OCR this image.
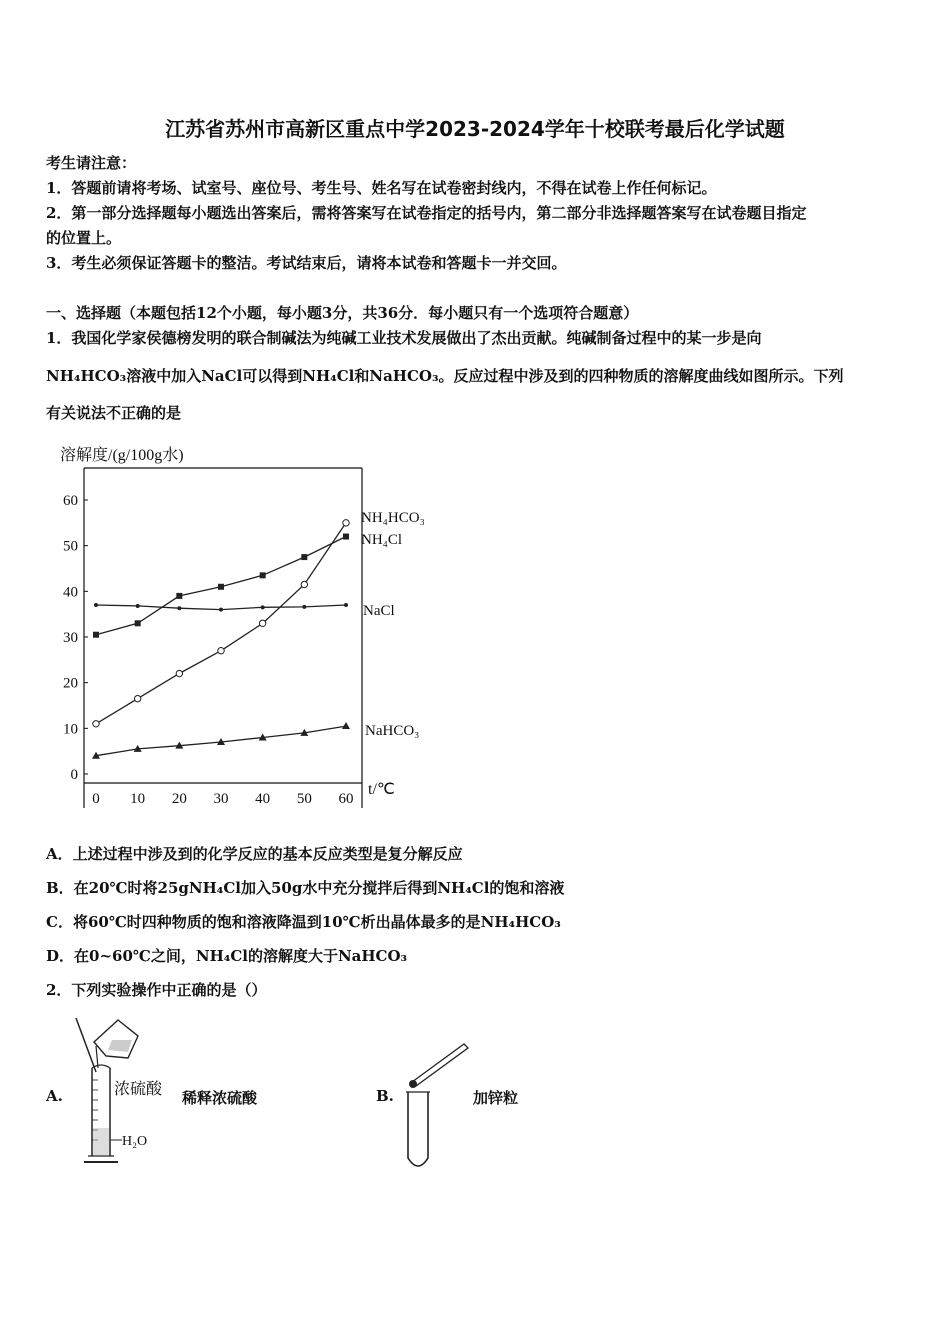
江苏省苏州市高新区重点中学2023-2024学年十校联考最后化学试题
考生请注意：
1．答题前请将考场、试室号、座位号、考生号、姓名写在试卷密封线内，不得在试卷上作任何标记。
2．第一部分选择题每小题选出答案后，需将答案写在试卷指定的括号内，第二部分非选择题答案写在试卷题目指定
的位置上。
3．考生必须保证答题卡的整洁。考试结束后，请将本试卷和答题卡一并交回。
一、选择题（本题包括12个小题，每小题3分，共36分．每小题只有一个选项符合题意）
1．我国化学家侯德榜发明的联合制碱法为纯碱工业技术发展做出了杰出贡献。纯碱制备过程中的某一步是向
NH₄HCO₃溶液中加入NaCl可以得到NH₄Cl和NaHCO₃。反应过程中涉及到的四种物质的溶解度曲线如图所示。下列
有关说法不正确的是
溶解度/(g/100g水)
0
10
20
30
40
50
60
0 10 20 30 40 50 60
t/℃
NH₄HCO₃
NH₄Cl
NaCl
NaHCO₃
A．上述过程中涉及到的化学反应的基本反应类型是复分解反应
B．在20℃时将25gNH₄Cl加入50g水中充分搅拌后得到NH₄Cl的饱和溶液
C．将60℃时四种物质的饱和溶液降温到10℃析出晶体最多的是NH₄HCO₃
D．在0~60℃之间，NH₄Cl的溶解度大于NaHCO₃
2．下列实验操作中正确的是（）
A.
H₂O
浓硫酸 稀释浓硫酸	B.	加锌粒
